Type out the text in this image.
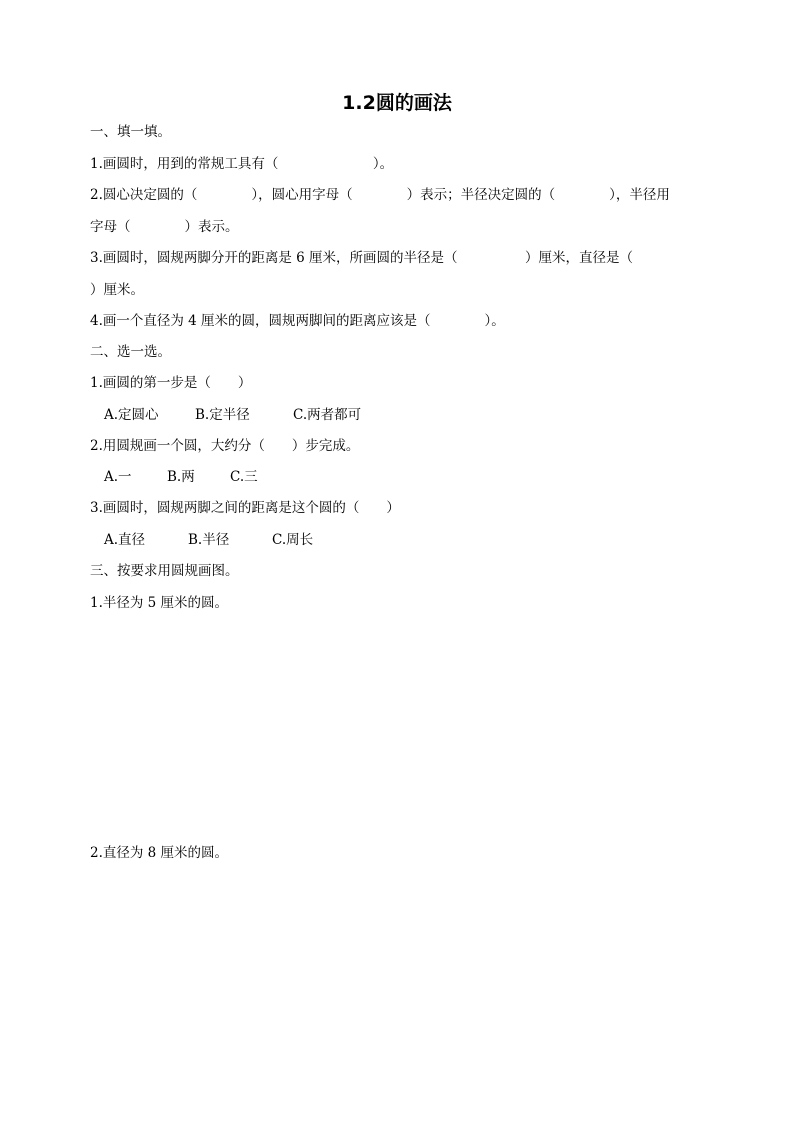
1.2圆的画法
一、填一填。
1.画圆时，用到的常规工具有（　　　　　　　）。
2.圆心决定圆的（　　　　），圆心用字母（　　　　）表示；半径决定圆的（　　　　），半径用
字母（　　　　）表示。
3.画圆时，圆规两脚分开的距离是 6 厘米，所画圆的半径是（　　　　　）厘米，直径是（
）厘米。
4.画一个直径为 4 厘米的圆，圆规两脚间的距离应该是（　　　　）。
二、选一选。
1.画圆的第一步是（　　）
A.定圆心	B.定半径	C.两者都可
2.用圆规画一个圆，大约分（　　）步完成。
A.一	B.两	C.三
3.画圆时，圆规两脚之间的距离是这个圆的（　　）
A.直径	B.半径	C.周长
三、按要求用圆规画图。
1.半径为 5 厘米的圆。
2.直径为 8 厘米的圆。
